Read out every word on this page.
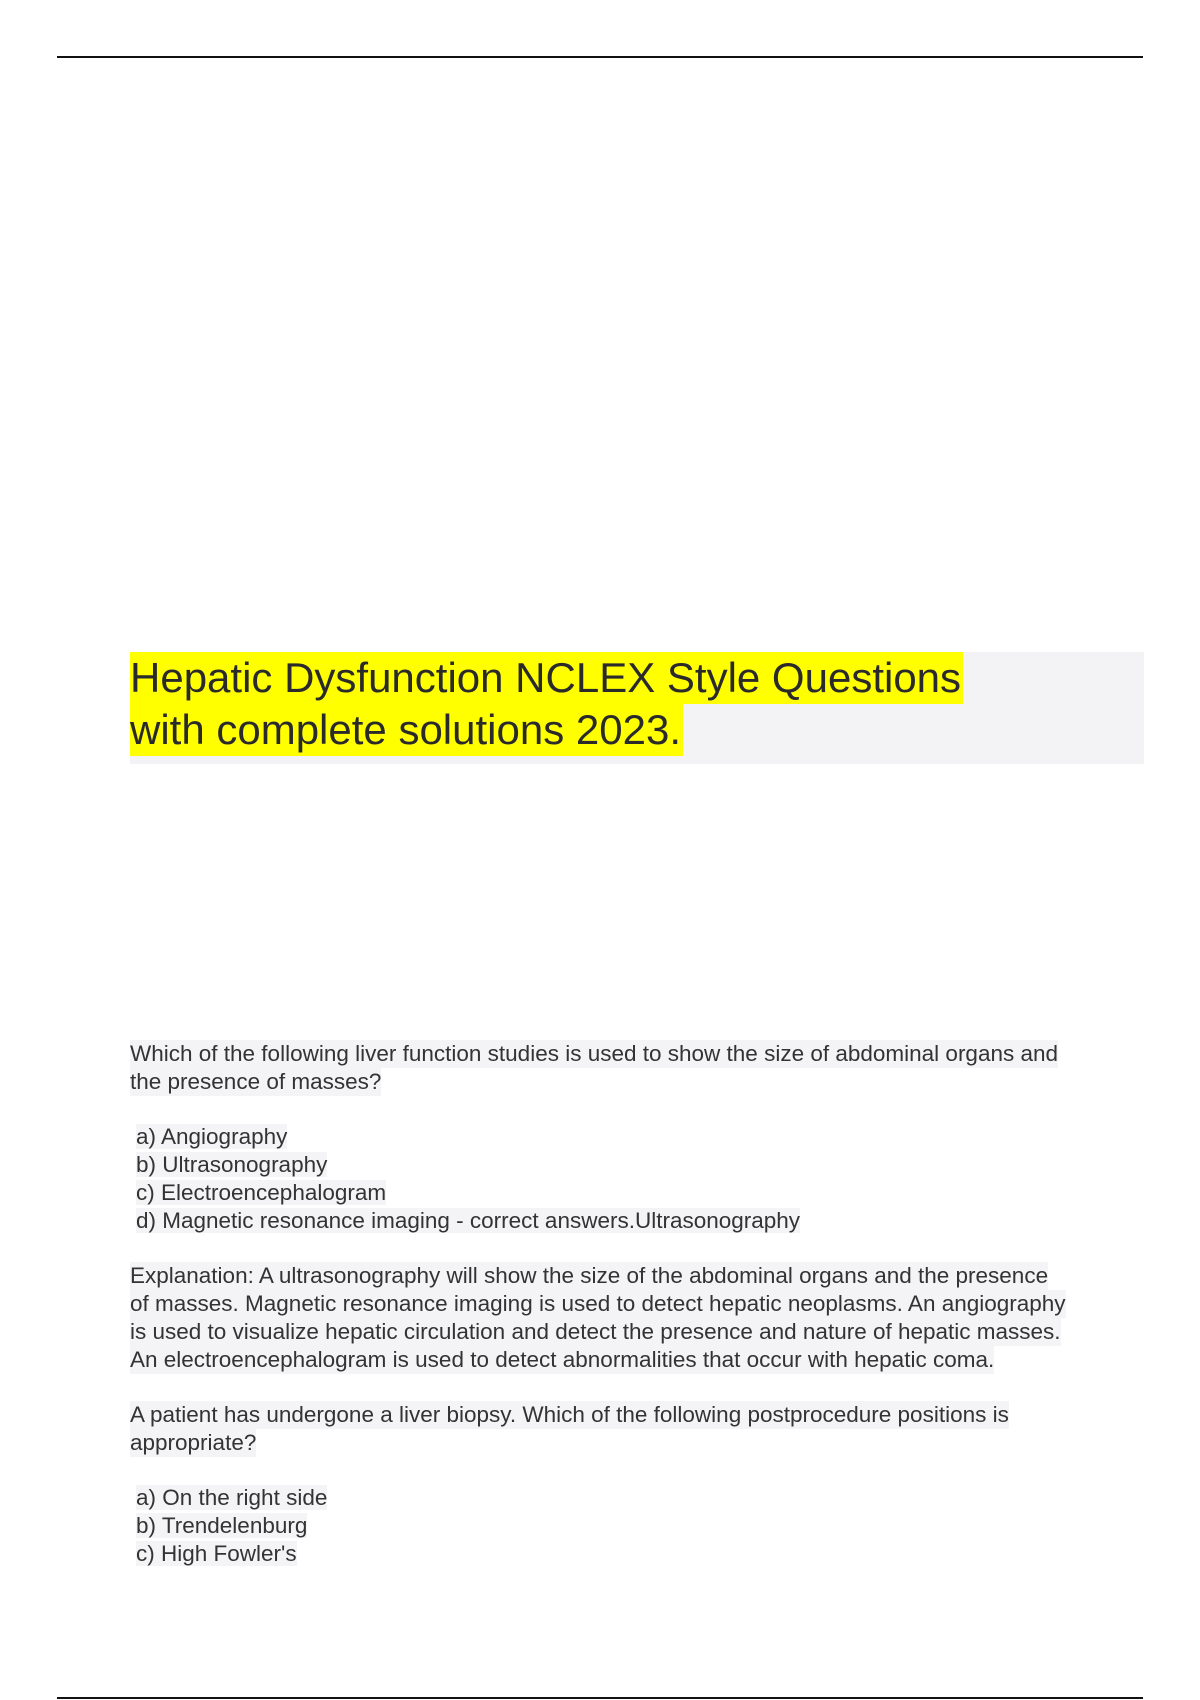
Hepatic Dysfunction NCLEX Style Questions
with complete solutions 2023.
Which of the following liver function studies is used to show the size of abdominal organs and
the presence of masses?
a) Angiography
b) Ultrasonography
c) Electroencephalogram
d) Magnetic resonance imaging - correct answers.Ultrasonography
Explanation: A ultrasonography will show the size of the abdominal organs and the presence
of masses. Magnetic resonance imaging is used to detect hepatic neoplasms. An angiography
is used to visualize hepatic circulation and detect the presence and nature of hepatic masses.
An electroencephalogram is used to detect abnormalities that occur with hepatic coma.
A patient has undergone a liver biopsy. Which of the following postprocedure positions is
appropriate?
a) On the right side
b) Trendelenburg
c) High Fowler's
